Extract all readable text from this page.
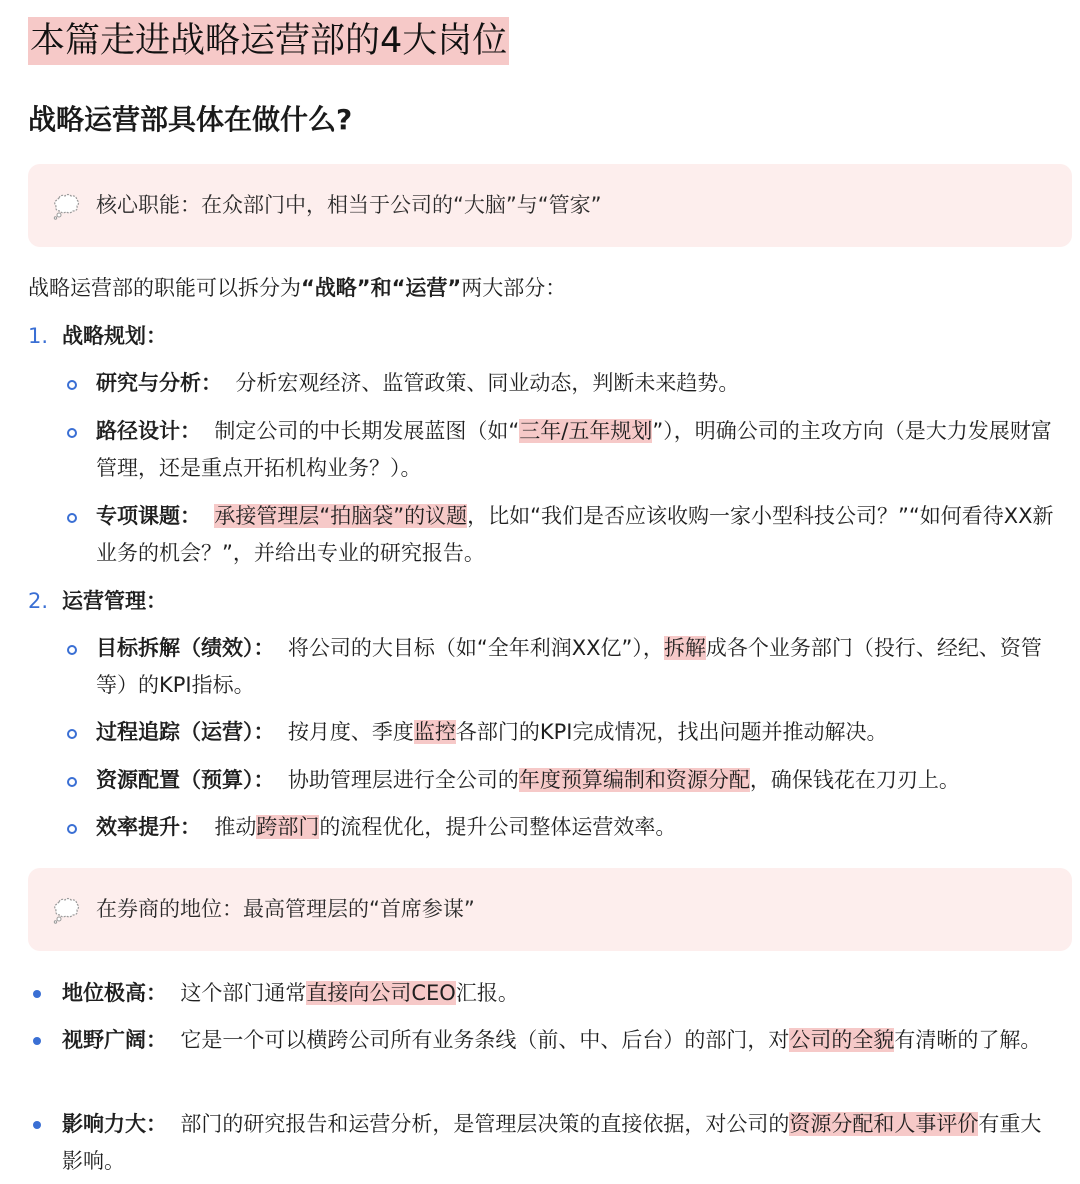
本篇走进战略运营部的4大岗位
战略运营部具体在做什么?
核心职能：在众部门中，相当于公司的“大脑”与“管家”
战略运营部的职能可以拆分为“战略”和“运营”两大部分：
1. 战略规划：
研究与分析： 分析宏观经济、监管政策、同业动态，判断未来趋势。
路径设计： 制定公司的中长期发展蓝图（如“三年/五年规划”），明确公司的主攻方向（是大力发展财富管理，还是重点开拓机构业务？）。
专项课题： 承接管理层“拍脑袋”的议题，比如“我们是否应该收购一家小型科技公司？”“如何看待XX新业务的机会？”，并给出专业的研究报告。
2. 运营管理：
目标拆解（绩效）： 将公司的大目标（如“全年利润XX亿”），拆解成各个业务部门（投行、经纪、资管等）的KPI指标。
过程追踪（运营）： 按月度、季度监控各部门的KPI完成情况，找出问题并推动解决。
资源配置（预算）： 协助管理层进行全公司的年度预算编制和资源分配，确保钱花在刀刃上。
效率提升： 推动跨部门的流程优化，提升公司整体运营效率。
在券商的地位：最高管理层的“首席参谋”
地位极高： 这个部门通常直接向公司CEO汇报。
视野广阔： 它是一个可以横跨公司所有业务条线（前、中、后台）的部门，对公司的全貌有清晰的了解。
影响力大： 部门的研究报告和运营分析，是管理层决策的直接依据，对公司的资源分配和人事评价有重大影响。
